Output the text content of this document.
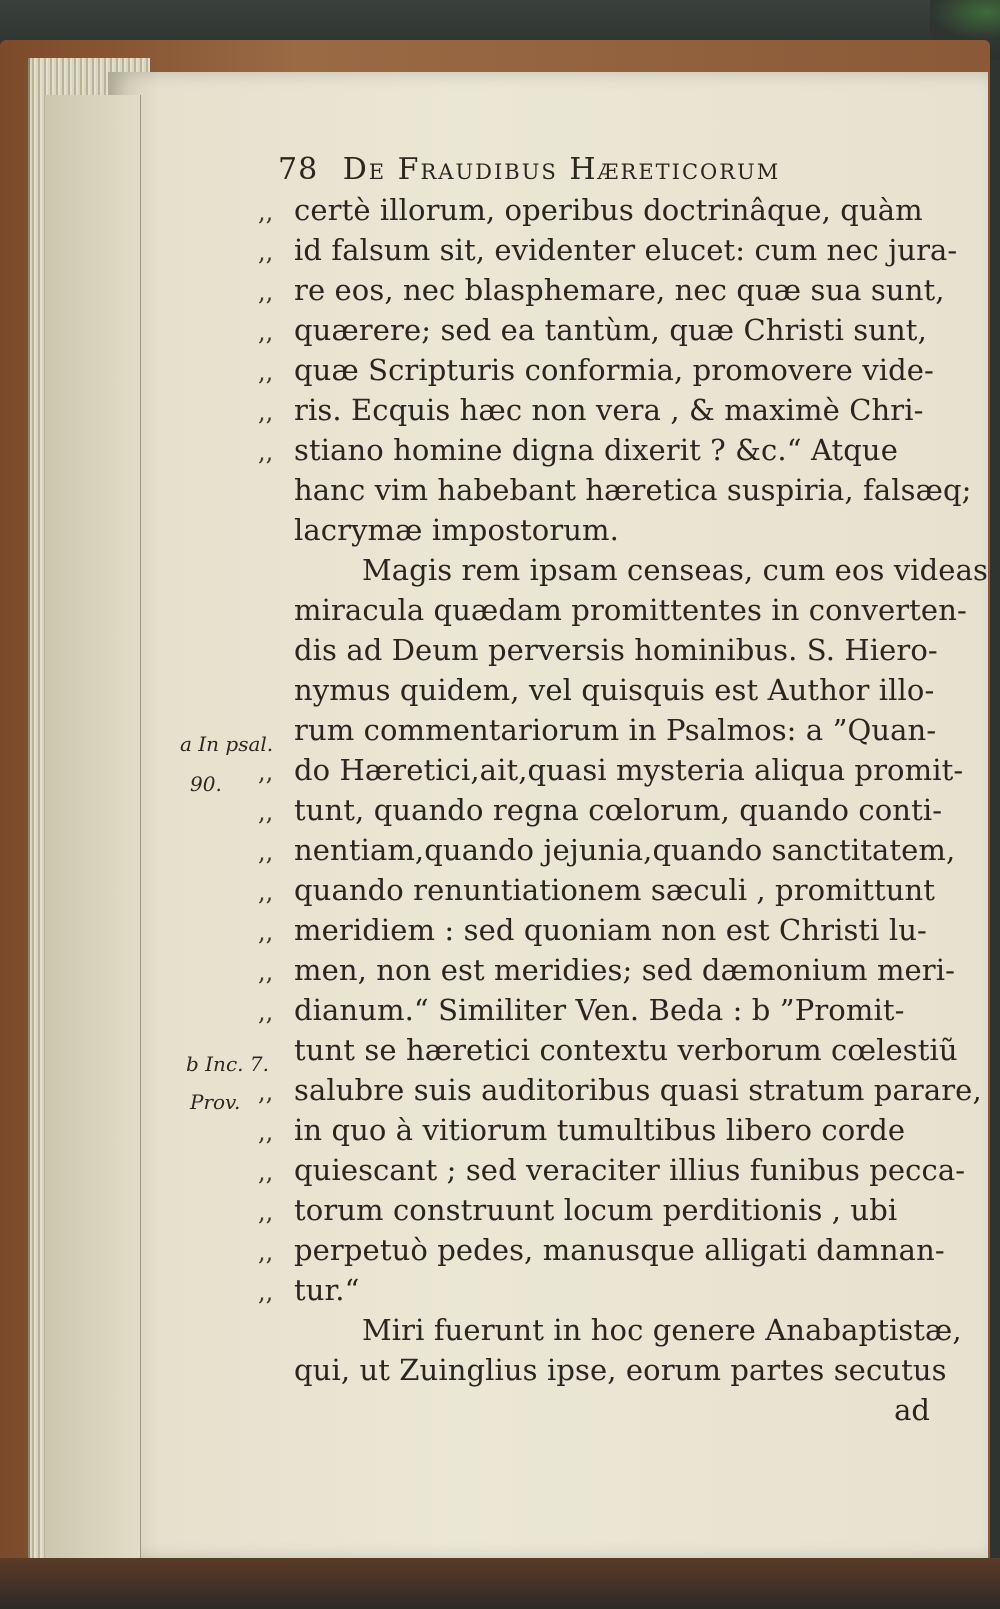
78 De Fraudibus Hæreticorum
,, certè illorum, operibus doctrinâque, quàm
,, id falsum sit, evidenter elucet: cum nec jura-
,, re eos, nec blasphemare, nec quæ sua sunt,
,, quærere; sed ea tantùm, quæ Christi sunt,
,, quæ Scripturis conformia, promovere vide-
,, ris. Ecquis hæc non vera , & maximè Chri-
,, stiano homine digna dixerit ? &c.“ Atque
hanc vim habebant hæretica suspiria, falsæq;
lacrymæ impostorum.
Magis rem ipsam censeas, cum eos videas
miracula quædam promittentes in converten-
dis ad Deum perversis hominibus. S. Hiero-
nymus quidem, vel quisquis est Author illo-
rum commentariorum in Psalmos: a ”Quan-
,, do Hæretici,ait,quasi mysteria aliqua promit-
,, tunt, quando regna cœlorum, quando conti-
,, nentiam,quando jejunia,quando sanctitatem,
,, quando renuntiationem sæculi , promittunt
,, meridiem : sed quoniam non est Christi lu-
,, men, non est meridies; sed dæmonium meri-
,, dianum.“ Similiter Ven. Beda : b ”Promit-
tunt se hæretici contextu verborum cœlestiũ
,, salubre suis auditoribus quasi stratum parare,
,, in quo à vitiorum tumultibus libero corde
,, quiescant ; sed veraciter illius funibus pecca-
,, torum construunt locum perditionis , ubi
,, perpetuò pedes, manusque alligati damnan-
,, tur.“
Miri fuerunt in hoc genere Anabaptistæ,
qui, ut Zuinglius ipse, eorum partes secutus
ad
a In psal.
90.
b Inc. 7.
Prov.
